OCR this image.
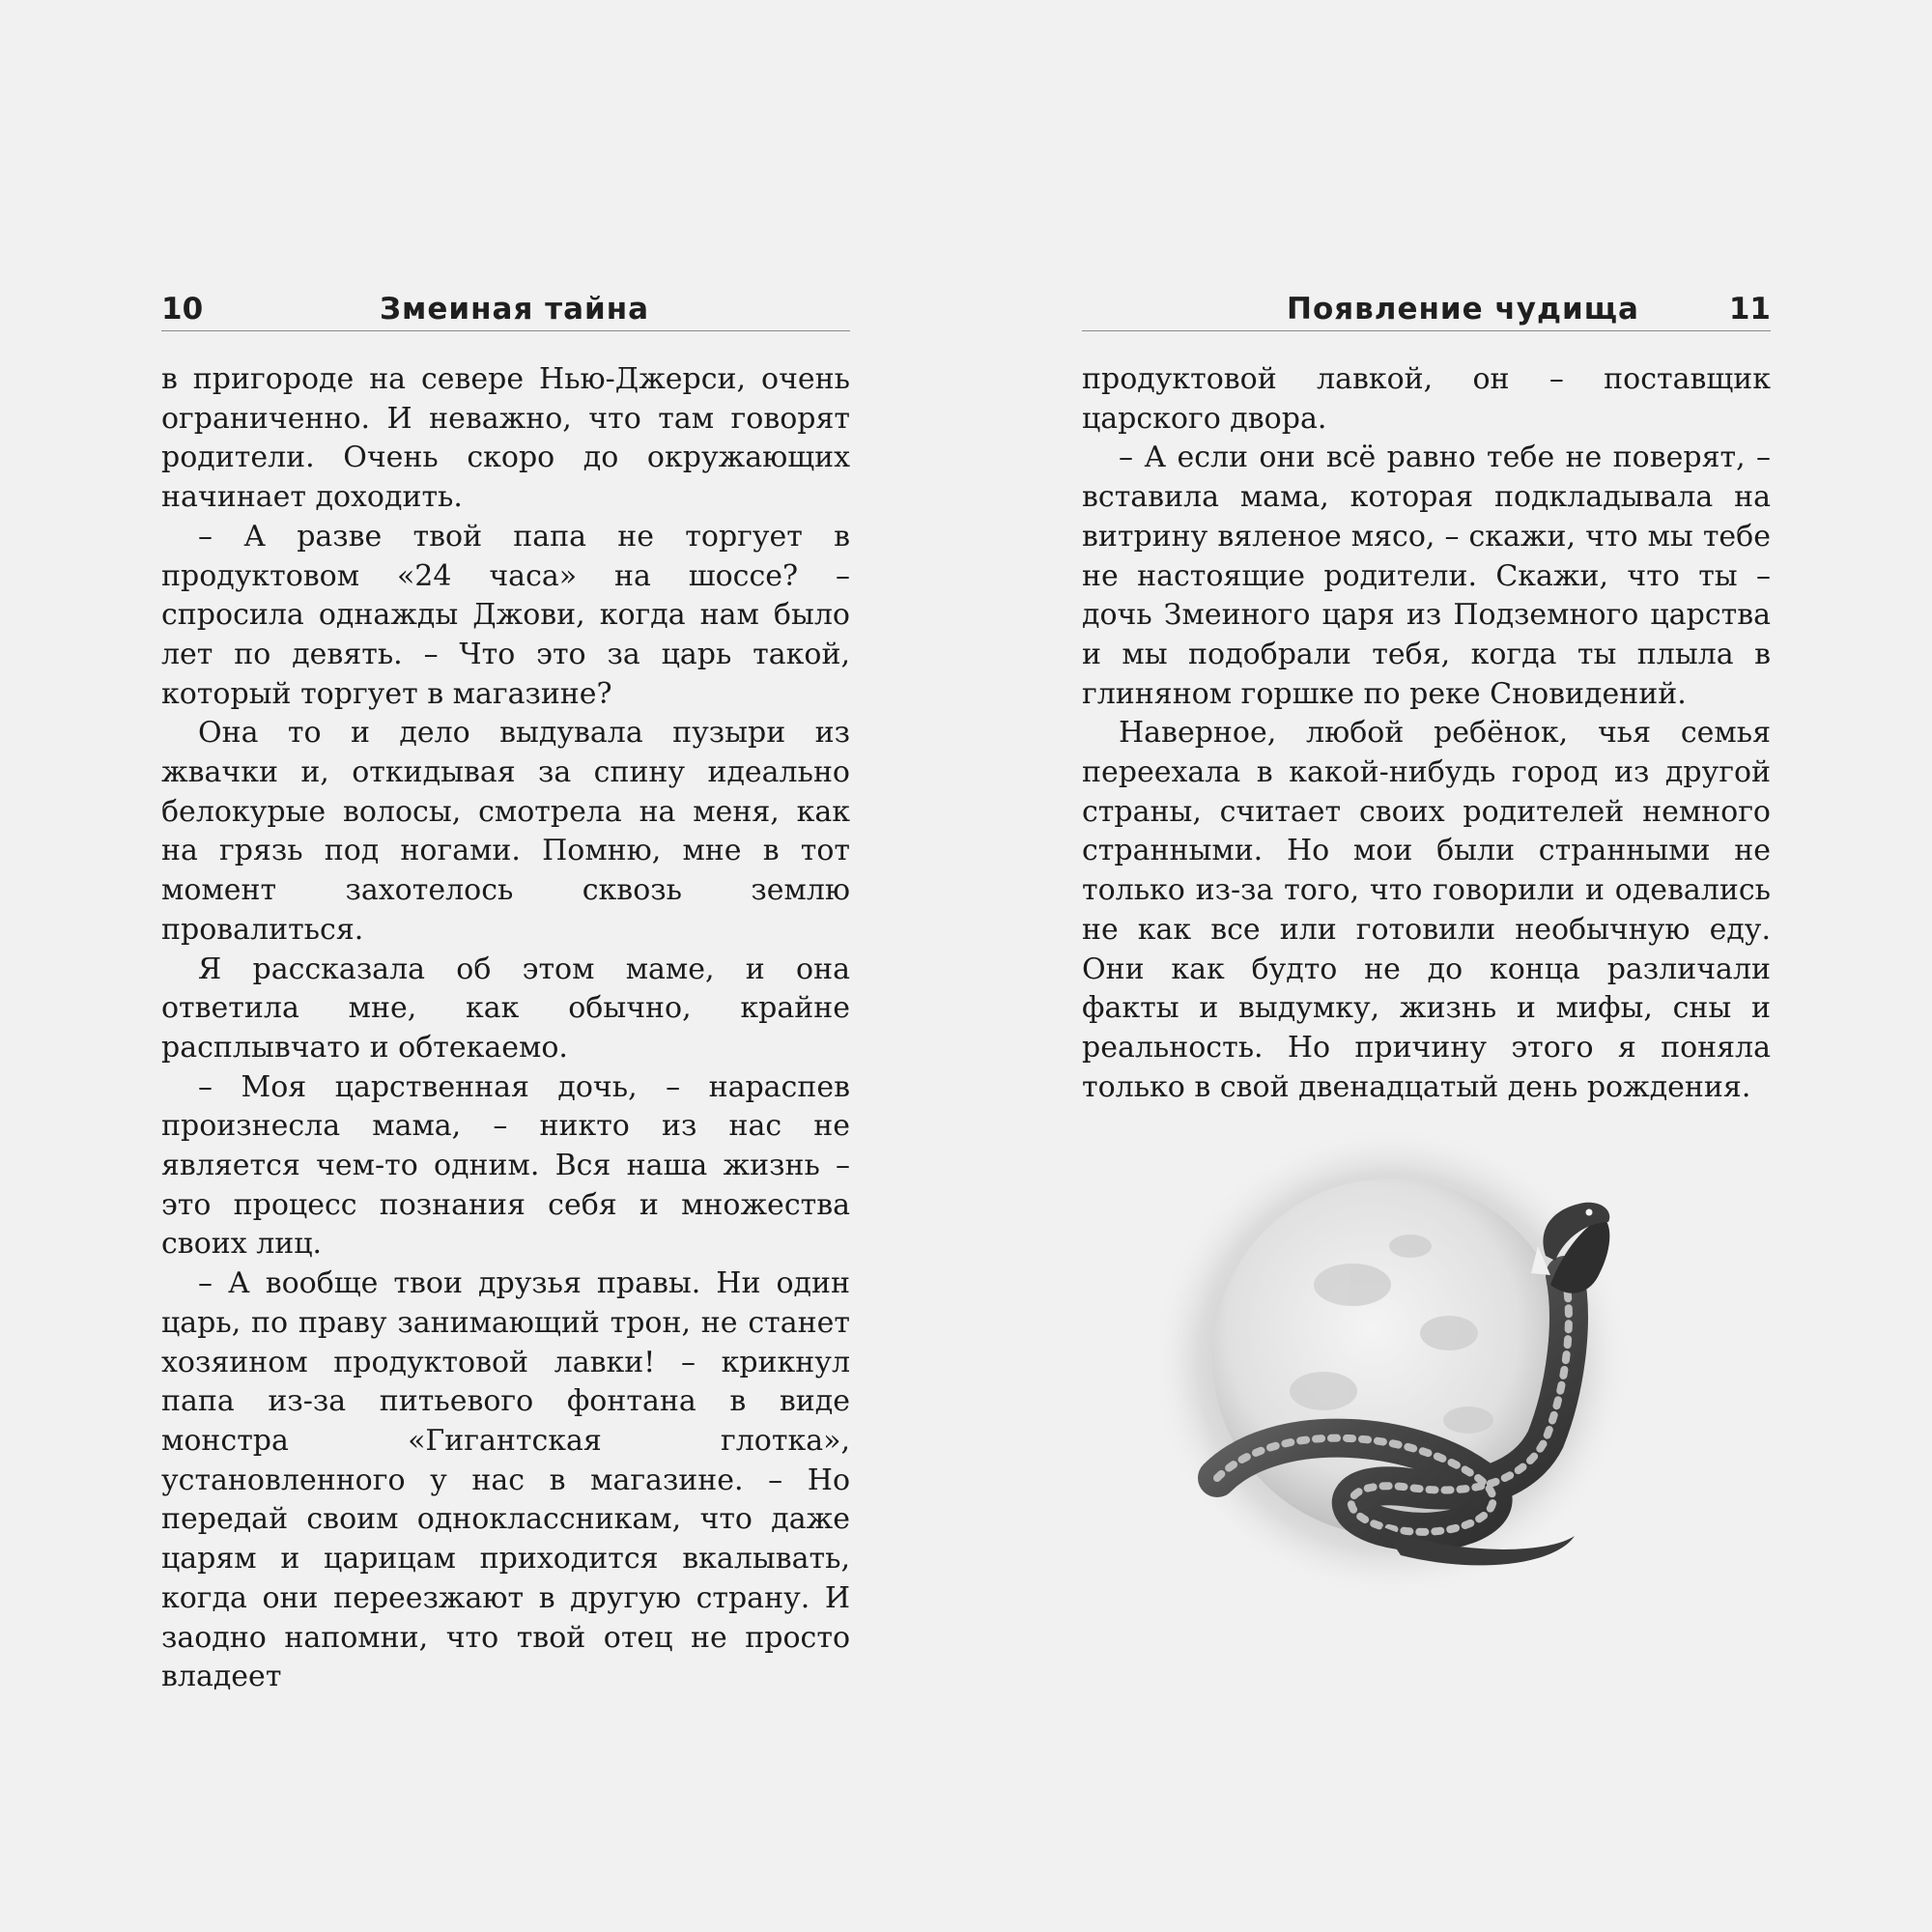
10	Змеиная тайна

в пригороде на севере Нью-Джерси, очень ограниченно. И неважно, что там говорят родители. Очень скоро до окружающих начинает доходить.

– А разве твой папа не торгует в продуктовом «24 часа» на шоссе? – спросила однажды Джови, когда нам было лет по девять. – Что это за царь такой, который торгует в магазине?

Она то и дело выдувала пузыри из жвачки и, откидывая за спину идеально белокурые волосы, смотрела на меня, как на грязь под ногами. Помню, мне в тот момент захотелось сквозь землю провалиться.

Я рассказала об этом маме, и она ответила мне, как обычно, крайне расплывчато и обтекаемо.

– Моя царственная дочь, – нараспев произнесла мама, – никто из нас не является чем-то одним. Вся наша жизнь – это процесс познания себя и множества своих лиц.

– А вообще твои друзья правы. Ни один царь, по праву занимающий трон, не станет хозяином продуктовой лавки! – крикнул папа из-за питьевого фонтана в виде монстра «Гигантская глотка», установленного у нас в магазине. – Но передай своим одноклассникам, что даже царям и царицам приходится вкалывать, когда они переезжают в другую страну. И заодно напомни, что твой отец не просто владеет

Появление чудища	11

продуктовой лавкой, он – поставщик царского двора.

– А если они всё равно тебе не поверят, – вставила мама, которая подкладывала на витрину вяленое мясо, – скажи, что мы тебе не настоящие родители. Скажи, что ты – дочь Змеиного царя из Подземного царства и мы подобрали тебя, когда ты плыла в глиняном горшке по реке Сновидений.

Наверное, любой ребёнок, чья семья переехала в какой-нибудь город из другой страны, считает своих родителей немного странными. Но мои были странными не только из-за того, что говорили и одевались не как все или готовили необычную еду. Они как будто не до конца различали факты и выдумку, жизнь и мифы, сны и реальность. Но причину этого я поняла только в свой двенадцатый день рождения.
